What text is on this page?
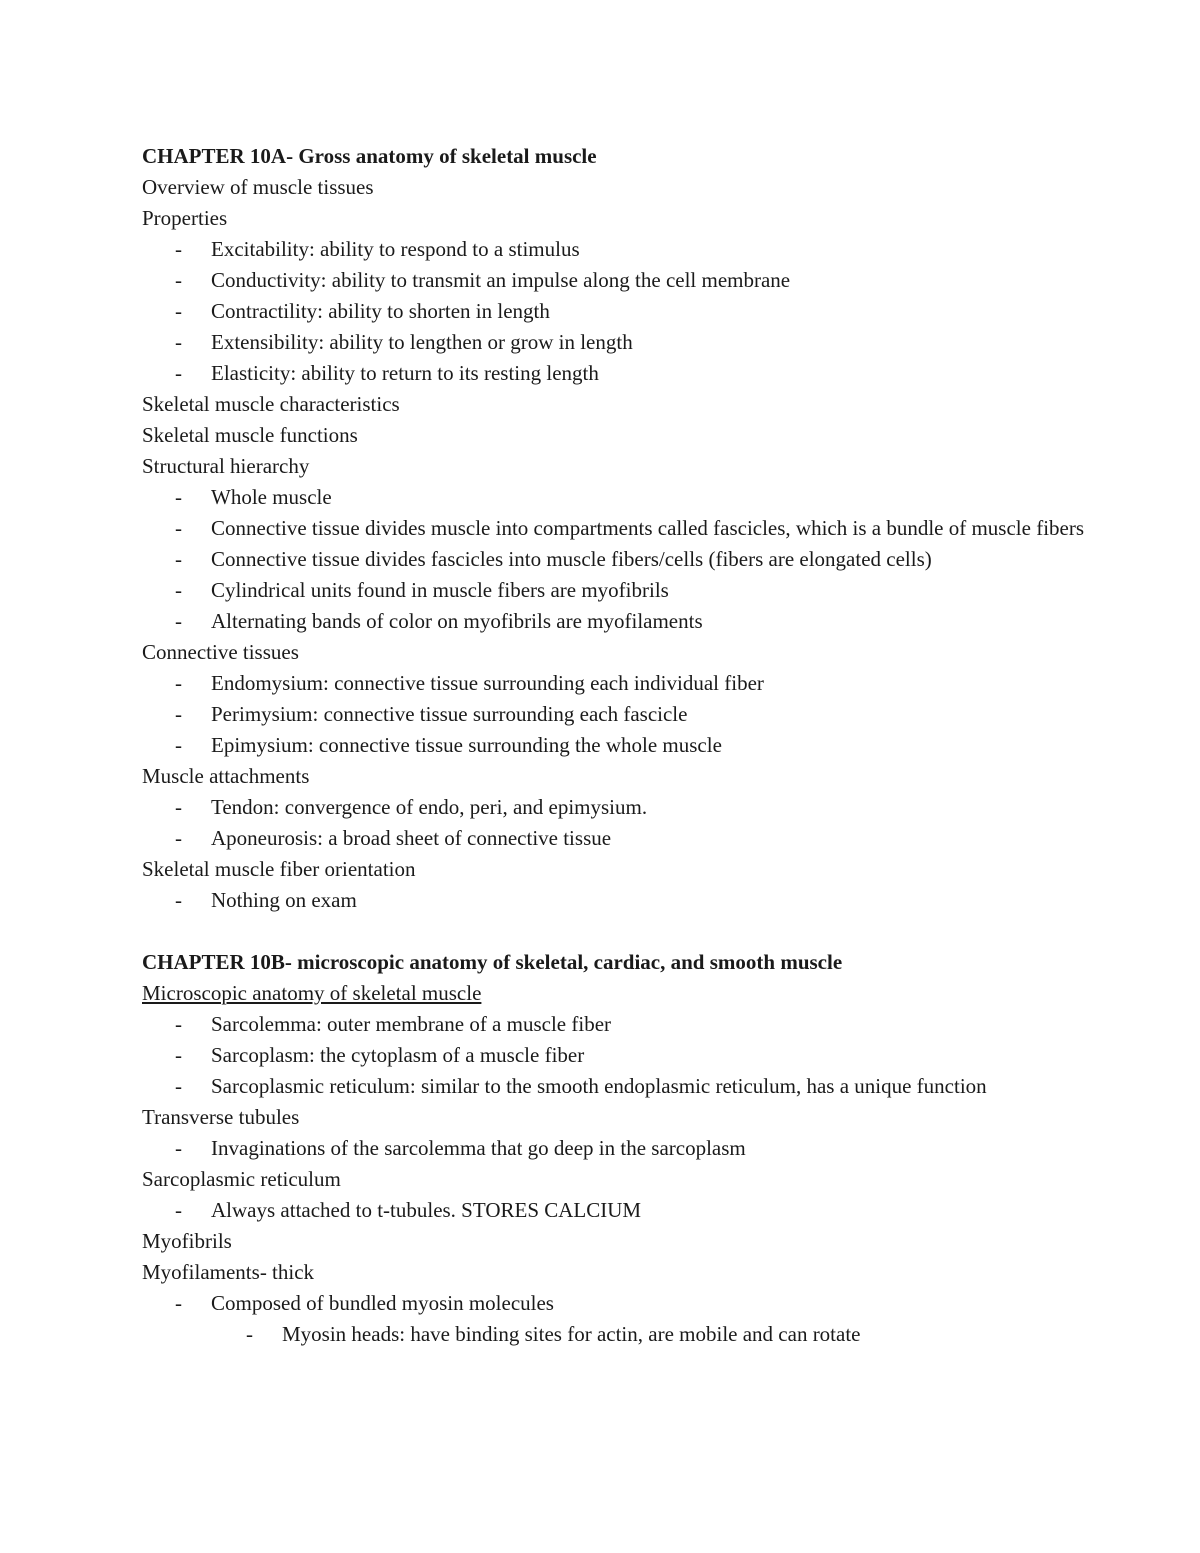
CHAPTER 10A- Gross anatomy of skeletal muscle
Overview of muscle tissues
Properties
- Excitability: ability to respond to a stimulus
- Conductivity: ability to transmit an impulse along the cell membrane
- Contractility: ability to shorten in length
- Extensibility: ability to lengthen or grow in length
- Elasticity: ability to return to its resting length
Skeletal muscle characteristics
Skeletal muscle functions
Structural hierarchy
- Whole muscle
- Connective tissue divides muscle into compartments called fascicles, which is a bundle of muscle fibers
- Connective tissue divides fascicles into muscle fibers/cells (fibers are elongated cells)
- Cylindrical units found in muscle fibers are myofibrils
- Alternating bands of color on myofibrils are myofilaments
Connective tissues
- Endomysium: connective tissue surrounding each individual fiber
- Perimysium: connective tissue surrounding each fascicle
- Epimysium: connective tissue surrounding the whole muscle
Muscle attachments
- Tendon: convergence of endo, peri, and epimysium.
- Aponeurosis: a broad sheet of connective tissue
Skeletal muscle fiber orientation
- Nothing on exam
CHAPTER 10B- microscopic anatomy of skeletal, cardiac, and smooth muscle
Microscopic anatomy of skeletal muscle
- Sarcolemma: outer membrane of a muscle fiber
- Sarcoplasm: the cytoplasm of a muscle fiber
- Sarcoplasmic reticulum: similar to the smooth endoplasmic reticulum, has a unique function
Transverse tubules
- Invaginations of the sarcolemma that go deep in the sarcoplasm
Sarcoplasmic reticulum
- Always attached to t-tubules. STORES CALCIUM
Myofibrils
Myofilaments- thick
- Composed of bundled myosin molecules
- Myosin heads: have binding sites for actin, are mobile and can rotate
